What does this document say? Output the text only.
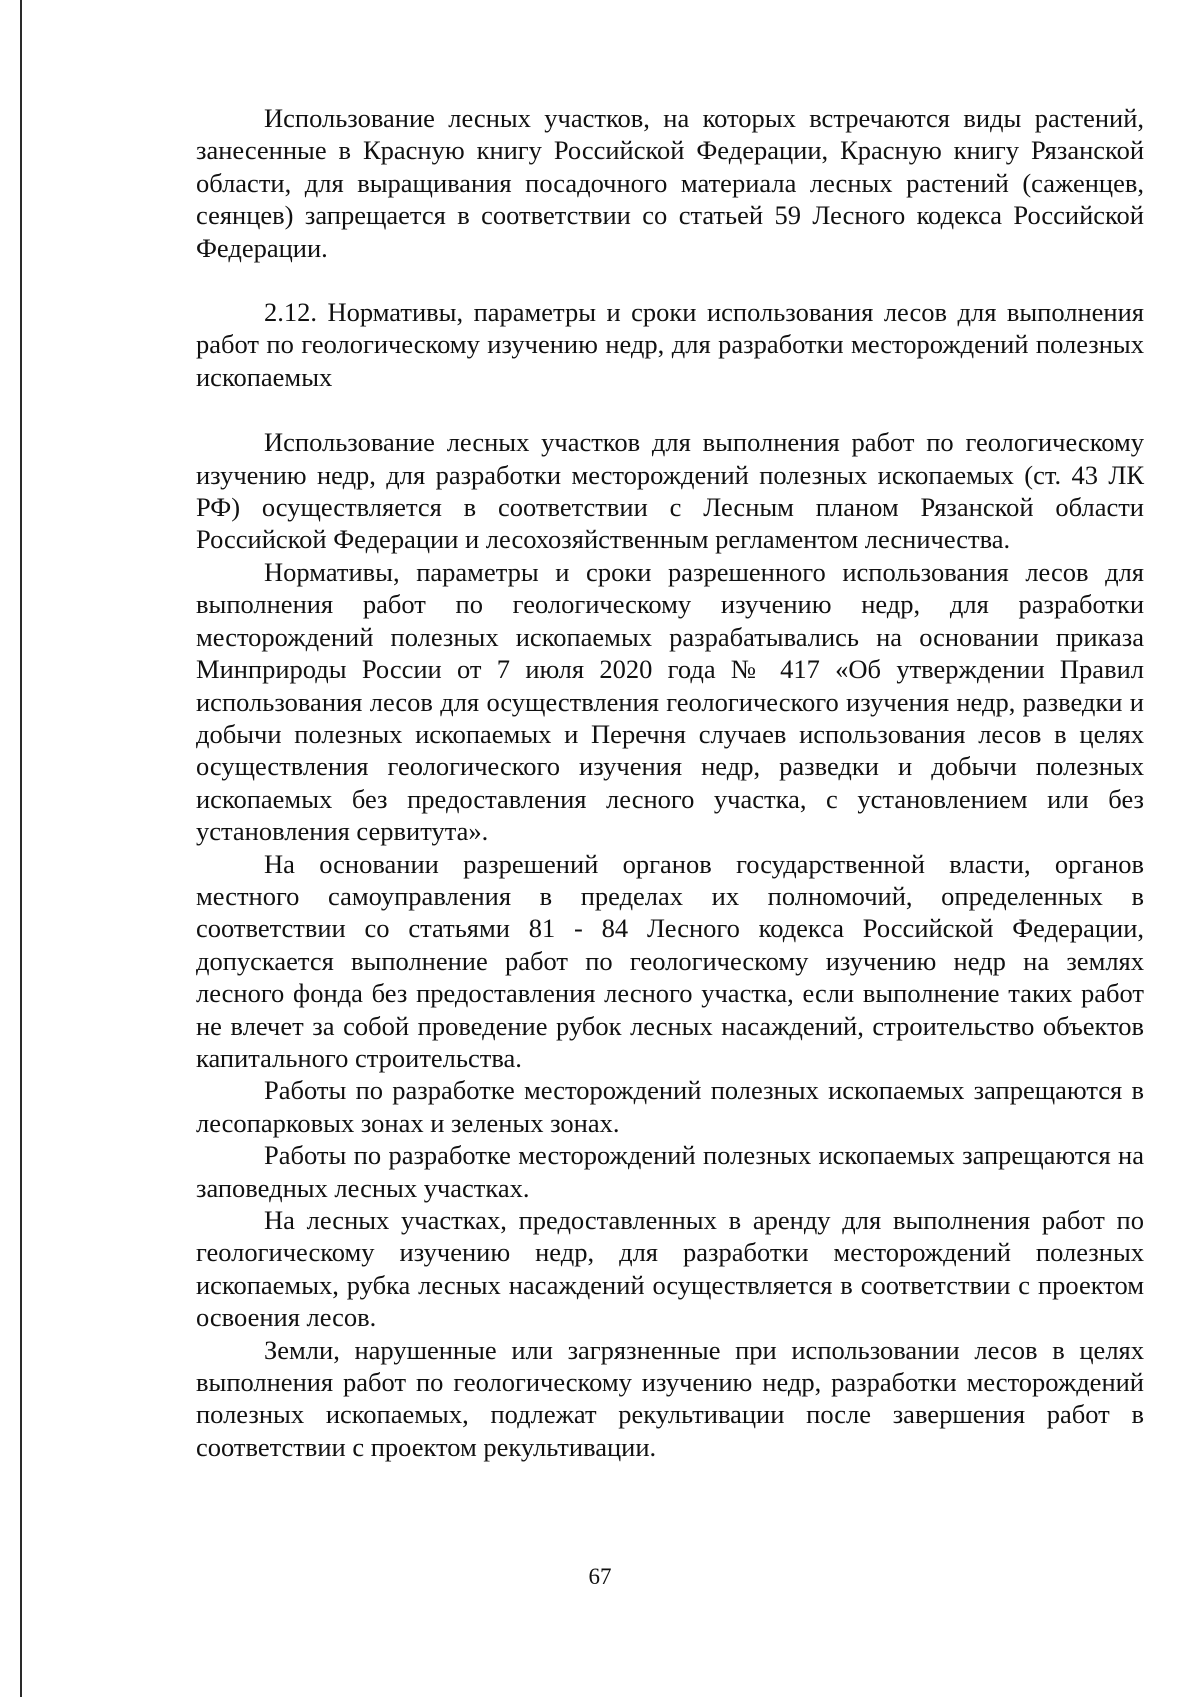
Использование лесных участков, на которых встречаются виды растений, занесенные в Красную книгу Российской Федерации, Красную книгу Рязанской области, для выращивания посадочного материала лесных растений (саженцев, сеянцев) запрещается в соответствии со статьей 59 Лесного кодекса Российской Федерации.

2.12. Нормативы, параметры и сроки использования лесов для выполнения работ по геологическому изучению недр, для разработки месторождений полезных ископаемых

Использование лесных участков для выполнения работ по геологическому изучению недр, для разработки месторождений полезных ископаемых (ст. 43 ЛК РФ) осуществляется в соответствии с Лесным планом Рязанской области Российской Федерации и лесохозяйственным регламентом лесничества.

Нормативы, параметры и сроки разрешенного использования лесов для выполнения работ по геологическому изучению недр, для разработки месторождений полезных ископаемых разрабатывались на основании приказа Минприроды России от 7 июля 2020 года № 417 «Об утверждении Правил использования лесов для осуществления геологического изучения недр, разведки и добычи полезных ископаемых и Перечня случаев использования лесов в целях осуществления геологического изучения недр, разведки и добычи полезных ископаемых без предоставления лесного участка, с установлением или без установления сервитута».

На основании разрешений органов государственной власти, органов местного самоуправления в пределах их полномочий, определенных в соответствии со статьями 81 - 84 Лесного кодекса Российской Федерации, допускается выполнение работ по геологическому изучению недр на землях лесного фонда без предоставления лесного участка, если выполнение таких работ не влечет за собой проведение рубок лесных насаждений, строительство объектов капитального строительства.

Работы по разработке месторождений полезных ископаемых запрещаются в лесопарковых зонах и зеленых зонах.

Работы по разработке месторождений полезных ископаемых запрещаются на заповедных лесных участках.

На лесных участках, предоставленных в аренду для выполнения работ по геологическому изучению недр, для разработки месторождений полезных ископаемых, рубка лесных насаждений осуществляется в соответствии с проектом освоения лесов.

Земли, нарушенные или загрязненные при использовании лесов в целях выполнения работ по геологическому изучению недр, разработки месторождений полезных ископаемых, подлежат рекультивации после завершения работ в соответствии с проектом рекультивации.

67
